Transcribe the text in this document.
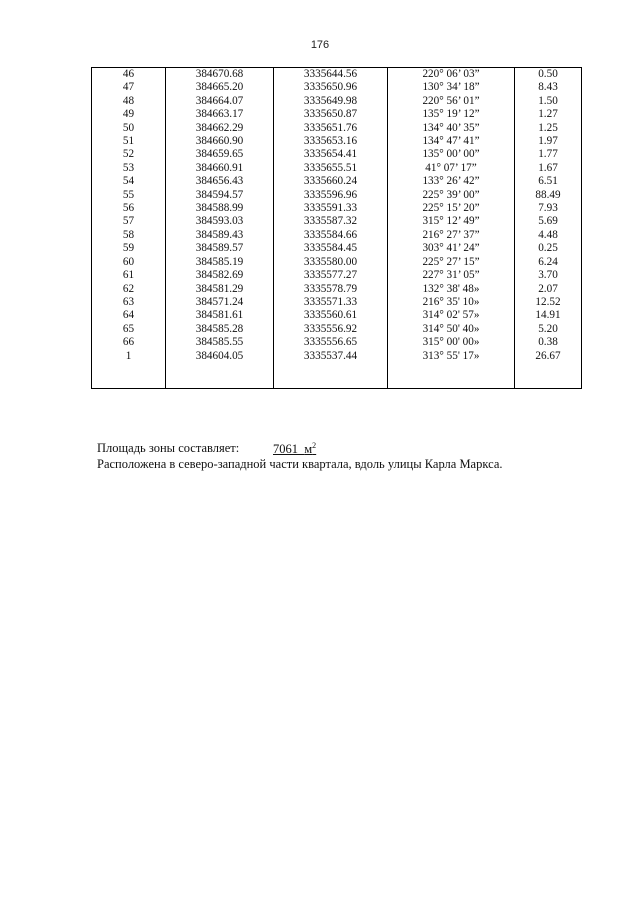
176
46	384670.68	3335644.56	220° 06’ 03”	0.50
47	384665.20	3335650.96	130° 34’ 18”	8.43
48	384664.07	3335649.98	220° 56’ 01”	1.50
49	384663.17	3335650.87	135° 19’ 12”	1.27
50	384662.29	3335651.76	134° 40’ 35”	1.25
51	384660.90	3335653.16	134° 47’ 41”	1.97
52	384659.65	3335654.41	135° 00’ 00”	1.77
53	384660.91	3335655.51	41° 07’ 17”	1.67
54	384656.43	3335660.24	133° 26’ 42”	6.51
55	384594.57	3335596.96	225° 39’ 00”	88.49
56	384588.99	3335591.33	225° 15’ 20”	7.93
57	384593.03	3335587.32	315° 12’ 49”	5.69
58	384589.43	3335584.66	216° 27’ 37”	4.48
59	384589.57	3335584.45	303° 41’ 24”	0.25
60	384585.19	3335580.00	225° 27’ 15”	6.24
61	384582.69	3335577.27	227° 31’ 05”	3.70
62	384581.29	3335578.79	132° 38' 48»	2.07
63	384571.24	3335571.33	216° 35' 10»	12.52
64	384581.61	3335560.61	314° 02' 57»	14.91
65	384585.28	3335556.92	314° 50' 40»	5.20
66	384585.55	3335556.65	315° 00' 00»	0.38
1	384604.05	3335537.44	313° 55' 17»	26.67

Площадь зоны составляет:	7061 $м^2$
Расположена в северо-западной части квартала, вдоль улицы Карла Маркса.
